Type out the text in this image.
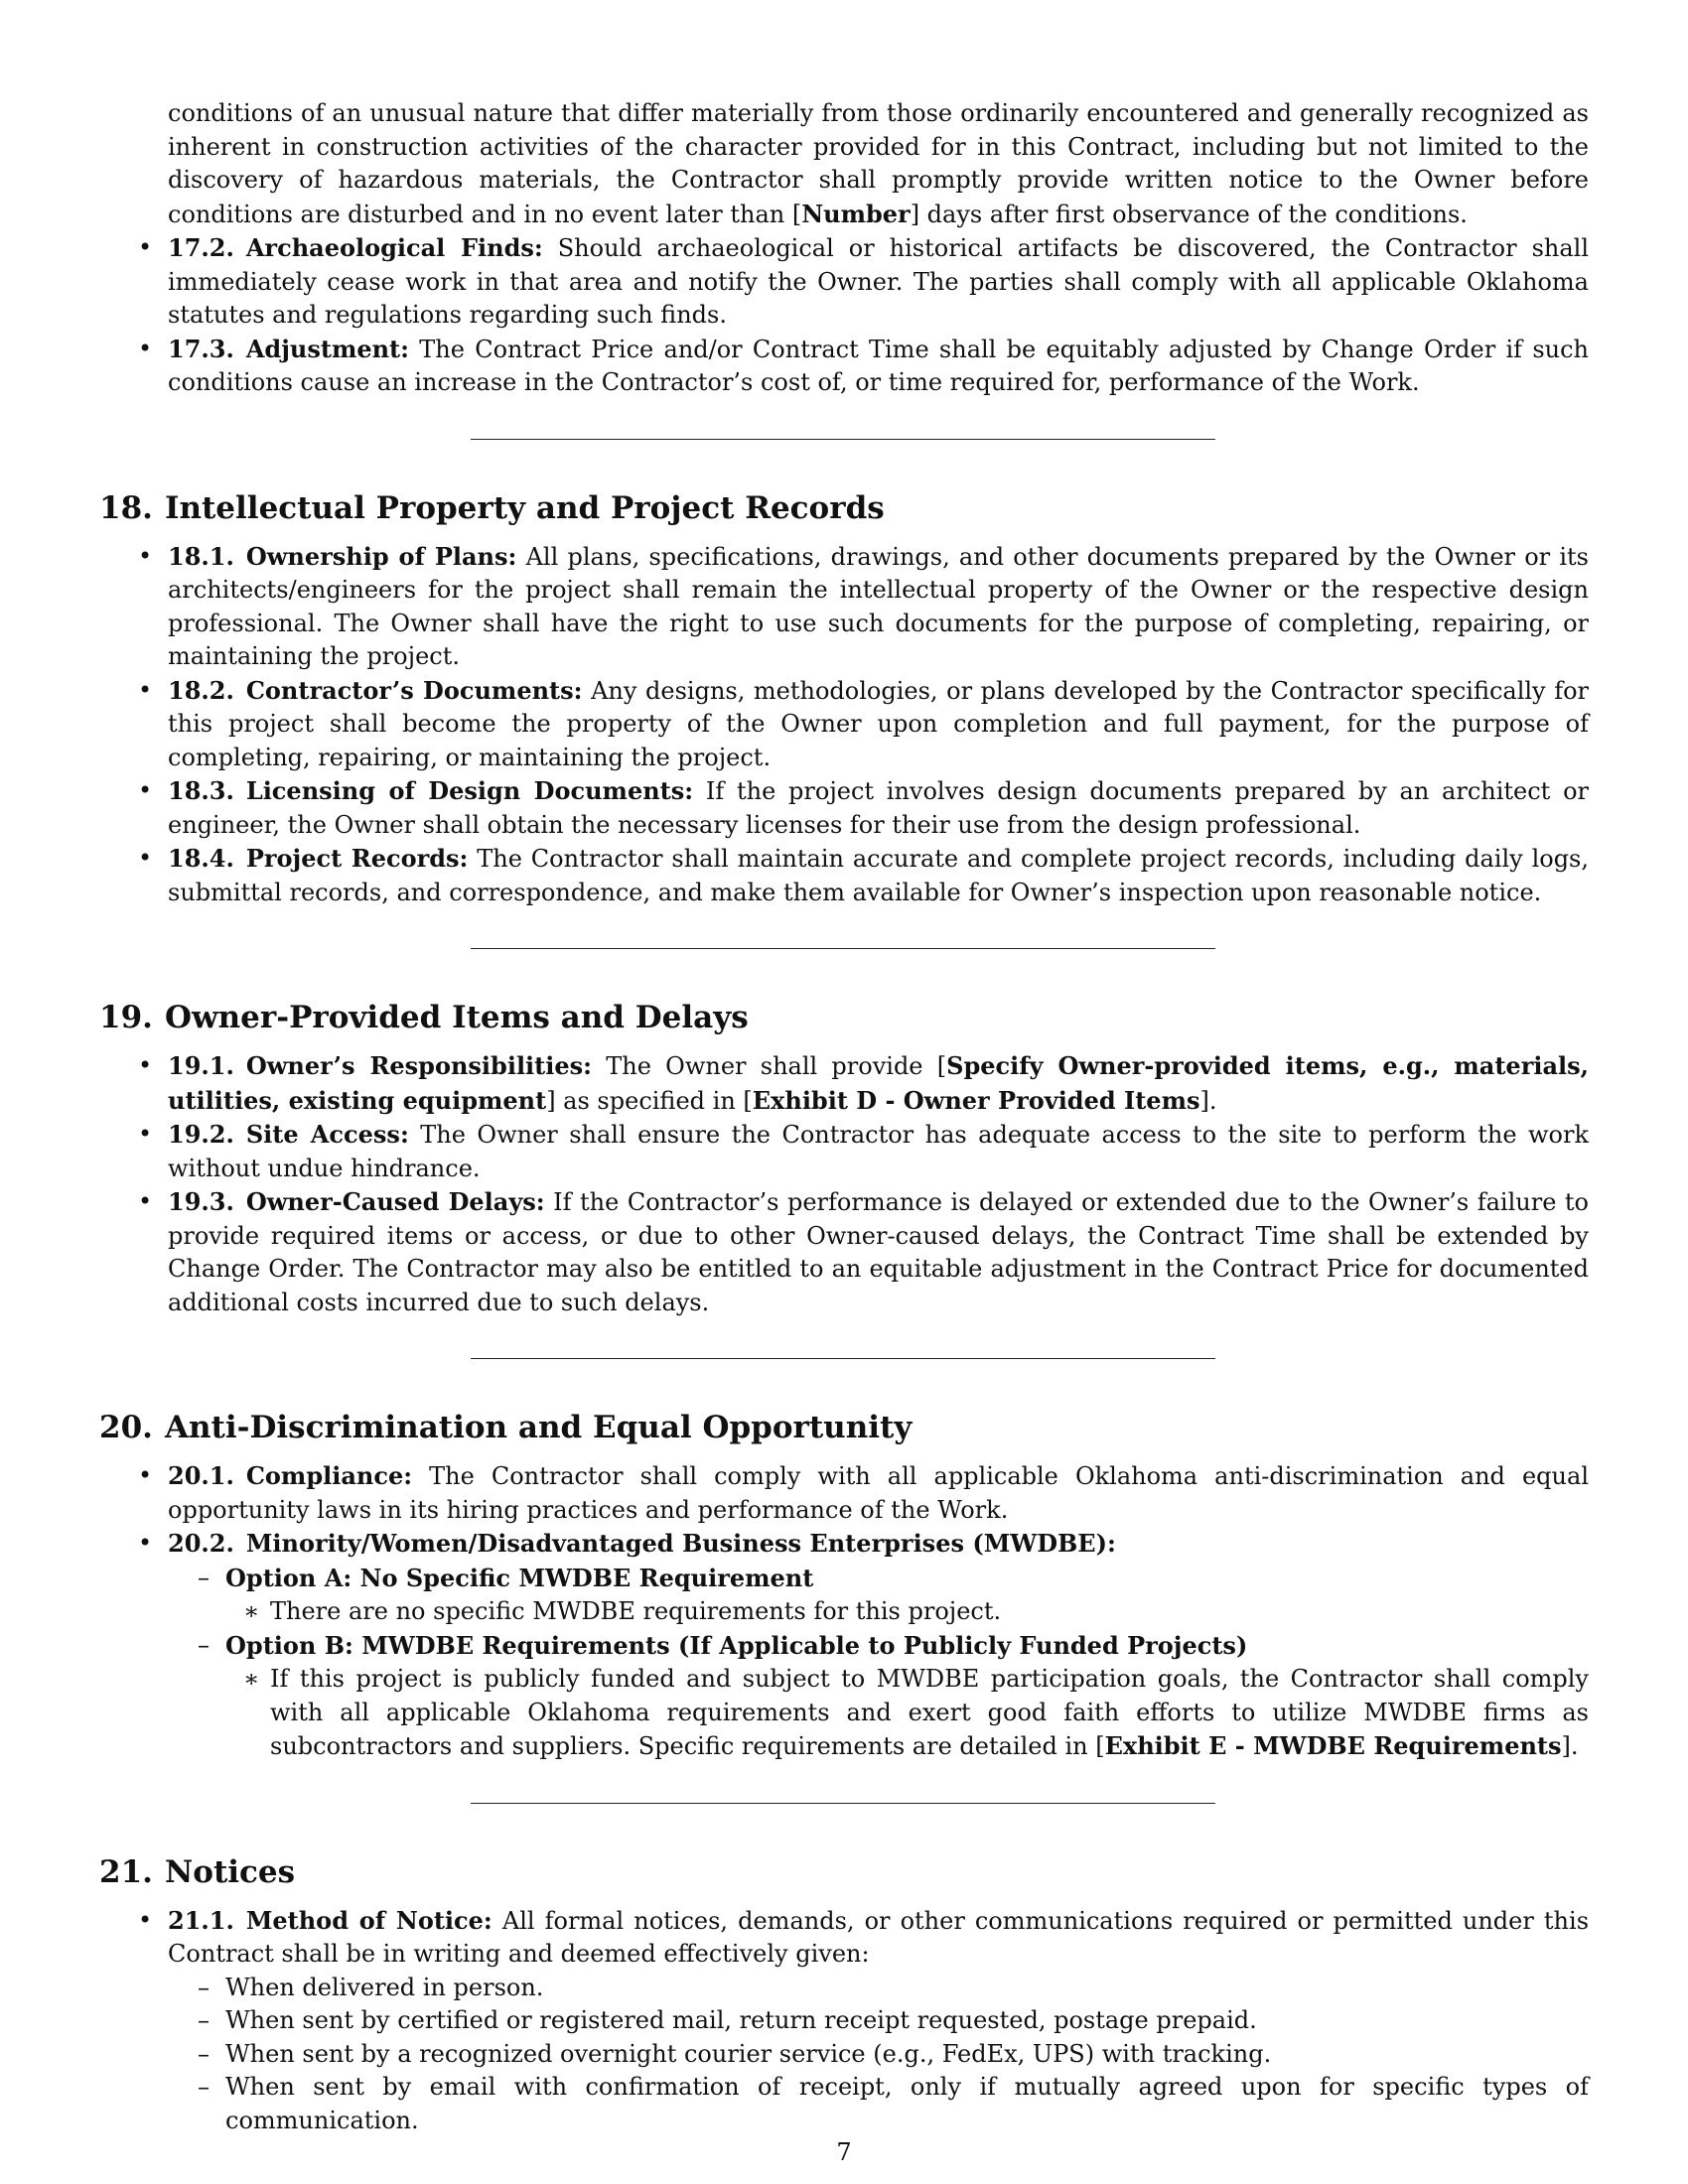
conditions of an unusual nature that differ materially from those ordinarily encountered and generally recognized as inherent in construction activities of the character provided for in this Contract, including but not limited to the discovery of hazardous materials, the Contractor shall promptly provide written notice to the Owner before conditions are disturbed and in no event later than [Number] days after first observance of the conditions.
• 17.2. Archaeological Finds: Should archaeological or historical artifacts be discovered, the Contractor shall immediately cease work in that area and notify the Owner. The parties shall comply with all applicable Oklahoma statutes and regulations regarding such finds.
• 17.3. Adjustment: The Contract Price and/or Contract Time shall be equitably adjusted by Change Order if such conditions cause an increase in the Contractor’s cost of, or time required for, performance of the Work.
18. Intellectual Property and Project Records
• 18.1. Ownership of Plans: All plans, specifications, drawings, and other documents prepared by the Owner or its architects/engineers for the project shall remain the intellectual property of the Owner or the respective design professional. The Owner shall have the right to use such documents for the purpose of completing, repairing, or maintaining the project.
• 18.2. Contractor’s Documents: Any designs, methodologies, or plans developed by the Contractor specifically for this project shall become the property of the Owner upon completion and full payment, for the purpose of completing, repairing, or maintaining the project.
• 18.3. Licensing of Design Documents: If the project involves design documents prepared by an architect or engineer, the Owner shall obtain the necessary licenses for their use from the design professional.
• 18.4. Project Records: The Contractor shall maintain accurate and complete project records, including daily logs, submittal records, and correspondence, and make them available for Owner’s inspection upon reasonable notice.
19. Owner-Provided Items and Delays
• 19.1. Owner’s Responsibilities: The Owner shall provide [Specify Owner-provided items, e.g., materials, utilities, existing equipment] as specified in [Exhibit D - Owner Provided Items].
• 19.2. Site Access: The Owner shall ensure the Contractor has adequate access to the site to perform the work without undue hindrance.
• 19.3. Owner-Caused Delays: If the Contractor’s performance is delayed or extended due to the Owner’s failure to provide required items or access, or due to other Owner-caused delays, the Contract Time shall be extended by Change Order. The Contractor may also be entitled to an equitable adjustment in the Contract Price for documented additional costs incurred due to such delays.
20. Anti-Discrimination and Equal Opportunity
• 20.1. Compliance: The Contractor shall comply with all applicable Oklahoma anti-discrimination and equal opportunity laws in its hiring practices and performance of the Work.
• 20.2. Minority/Women/Disadvantaged Business Enterprises (MWDBE):
– Option A: No Specific MWDBE Requirement
∗ There are no specific MWDBE requirements for this project.
– Option B: MWDBE Requirements (If Applicable to Publicly Funded Projects)
∗ If this project is publicly funded and subject to MWDBE participation goals, the Contractor shall comply with all applicable Oklahoma requirements and exert good faith efforts to utilize MWDBE firms as subcontractors and suppliers. Specific requirements are detailed in [Exhibit E - MWDBE Requirements].
21. Notices
• 21.1. Method of Notice: All formal notices, demands, or other communications required or permitted under this Contract shall be in writing and deemed effectively given:
– When delivered in person.
– When sent by certified or registered mail, return receipt requested, postage prepaid.
– When sent by a recognized overnight courier service (e.g., FedEx, UPS) with tracking.
– When sent by email with confirmation of receipt, only if mutually agreed upon for specific types of communication.
7
